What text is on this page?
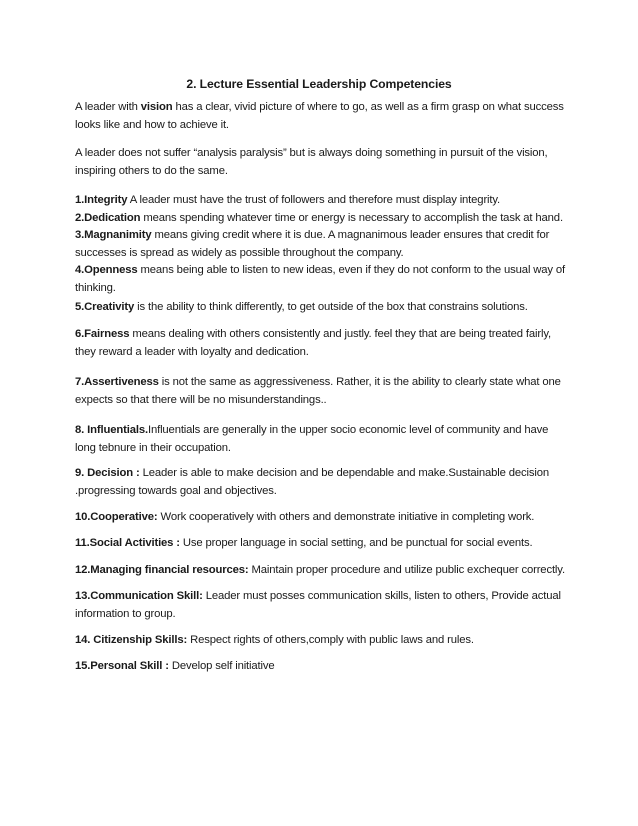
2. Lecture Essential Leadership Competencies
A leader with vision has a clear, vivid picture of where to go, as well as a firm grasp on what success
looks like and how to achieve it.
A leader does not suffer “analysis paralysis” but is always doing something in pursuit of the vision,
inspiring others to do the same.
1.Integrity A leader must have the trust of followers and therefore must display integrity.
2.Dedication means spending whatever time or energy is necessary to accomplish the task at hand.
3.Magnanimity means giving credit where it is due. A magnanimous leader ensures that credit for
successes is spread as widely as possible throughout the company.
4.Openness means being able to listen to new ideas, even if they do not conform to the usual way of
thinking.
5.Creativity is the ability to think differently, to get outside of the box that constrains solutions.
6.Fairness means dealing with others consistently and justly. feel they that are being treated fairly,
they reward a leader with loyalty and dedication.
7.Assertiveness is not the same as aggressiveness. Rather, it is the ability to clearly state what one
expects so that there will be no misunderstandings..
8. Influentials.Influentials are generally in the upper socio economic level of community and have
long tebnure in their occupation.
9. Decision : Leader is able to make decision and be dependable and make.Sustainable decision
.progressing towards goal and objectives.
10.Cooperative: Work cooperatively with others and demonstrate initiative in completing work.
11.Social Activities : Use proper language in social setting, and be punctual for social events.
12.Managing financial resources: Maintain proper procedure and utilize public exchequer correctly.
13.Communication Skill: Leader must posses communication skills, listen to others, Provide actual
information to group.
14. Citizenship Skills: Respect rights of others,comply with public laws and rules.
15.Personal Skill : Develop self initiative
